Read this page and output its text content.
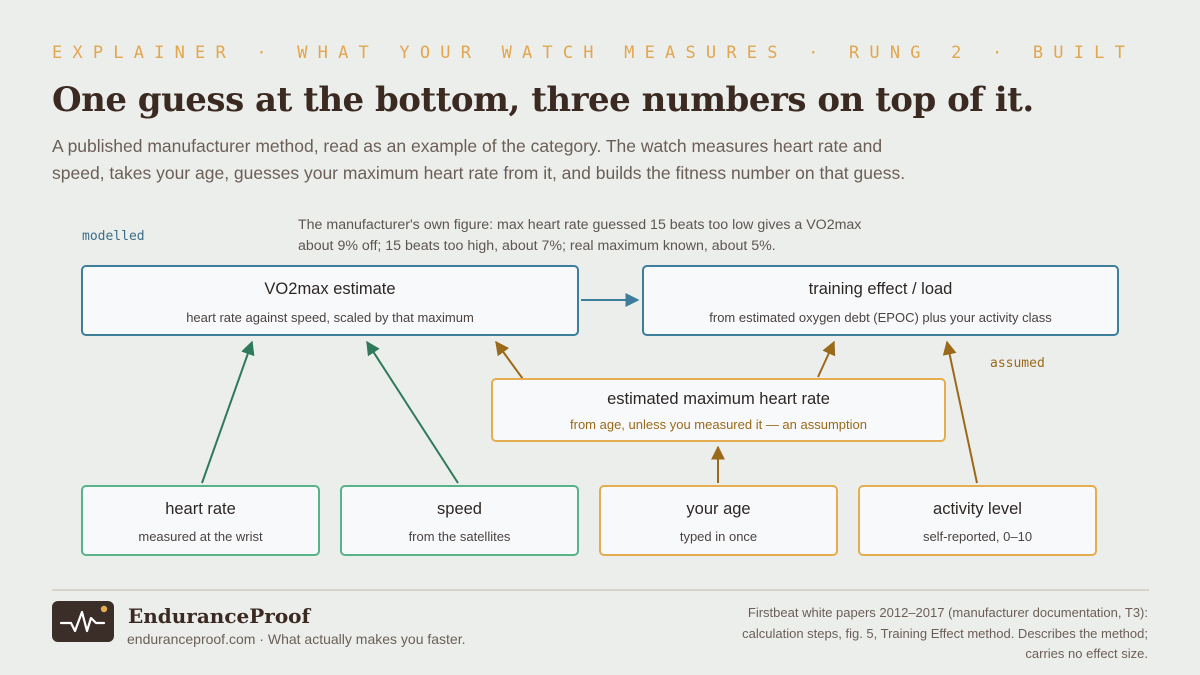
EXPLAINER · WHAT YOUR WATCH MEASURES · RUNG 2 · BUILT
One guess at the bottom, three numbers on top of it.
A published manufacturer method, read as an example of the category. The watch measures heart rate and speed, takes your age, guesses your maximum heart rate from it, and builds the fitness number on that guess.
The manufacturer's own figure: max heart rate guessed 15 beats too low gives a VO2max about 9% off; 15 beats too high, about 7%; real maximum known, about 5%.
modelled
assumed
VO2max estimate
heart rate against speed, scaled by that maximum
training effect / load
from estimated oxygen debt (EPOC) plus your activity class
estimated maximum heart rate
from age, unless you measured it — an assumption
heart rate
measured at the wrist
speed
from the satellites
your age
typed in once
activity level
self-reported, 0–10
EnduranceProof
enduranceproof.com · What actually makes you faster.
Firstbeat white papers 2012–2017 (manufacturer documentation, T3): calculation steps, fig. 5, Training Effect method. Describes the method; carries no effect size.
